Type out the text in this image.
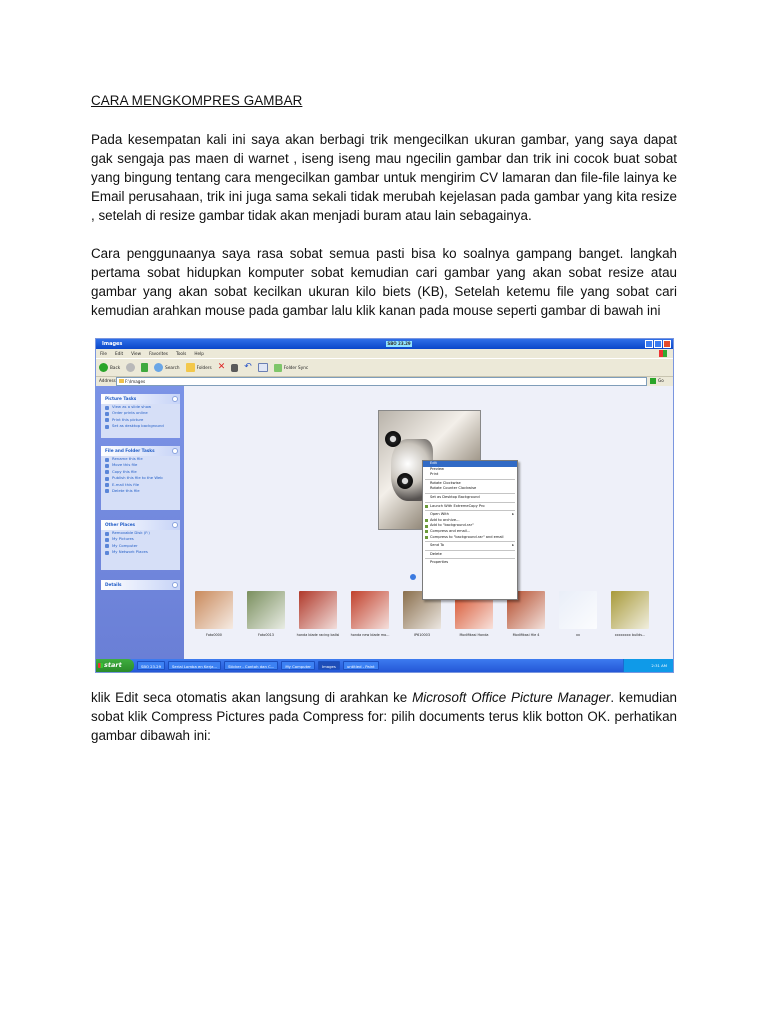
CARA MENGKOMPRES GAMBAR

Pada kesempatan kali ini saya akan berbagi trik mengecilkan ukuran gambar, yang saya dapat gak sengaja pas maen di warnet , iseng iseng mau ngecilin gambar dan trik ini cocok buat sobat yang bingung tentang cara mengecilkan gambar untuk mengirim CV lamaran dan file-file lainya ke Email perusahaan, trik ini juga sama sekali tidak merubah kejelasan pada gambar yang kita resize , setelah di resize gambar tidak akan menjadi buram atau lain sebagainya.

Cara penggunaanya saya rasa sobat semua pasti bisa ko soalnya gampang banget. langkah pertama sobat hidupkan komputer sobat kemudian cari gambar yang akan sobat resize atau gambar yang akan sobat kecilkan ukuran kilo biets (KB), Setelah ketemu file yang sobat cari kemudian arahkan mouse pada gambar lalu klik kanan pada mouse seperti gambar di bawah ini

Images	SBO 23.29
File Edit View Favorites Tools Help
Back	Search	Folders ✕ ↶	Folder Sync
Address	F:\Images	Go
Picture Tasks
View as a slide show
Order prints online
Print this picture
Set as desktop background
File and Folder Tasks
Rename this file
Move this file
Copy this file
Publish this file to the Web
E-mail this file
Delete this file
Other Places
Removable Disk (F:)
My Pictures
My Computer
My Network Places
Details
Foto0000	Foto0013	honda blade racing ballsi	honda new blade mo...	IP610003	Modifikasi Honda	Modifikasi Hie 4	xx	xxxxxxxx builds...
Edit
Preview
Print
Rotate Clockwise
Rotate Counter Clockwise
Set as Desktop Background
Launch With ExtremeCopy Pro
Open With ▸
Add to archive...
Add to "background.rar"
Compress and email...
Compress to "background.rar" and email
Send To ▸
Delete
Properties
start	SBO 23.29	Serial Lomba en Kerja...	Sticker - Contoh dan C...	My Computer	Images	untitled - Paint	2:31 AM

klik Edit seca otomatis akan langsung di arahkan ke Microsoft Office Picture Manager. kemudian sobat klik Compress Pictures pada Compress for: pilih documents terus klik botton OK. perhatikan gambar dibawah ini:
